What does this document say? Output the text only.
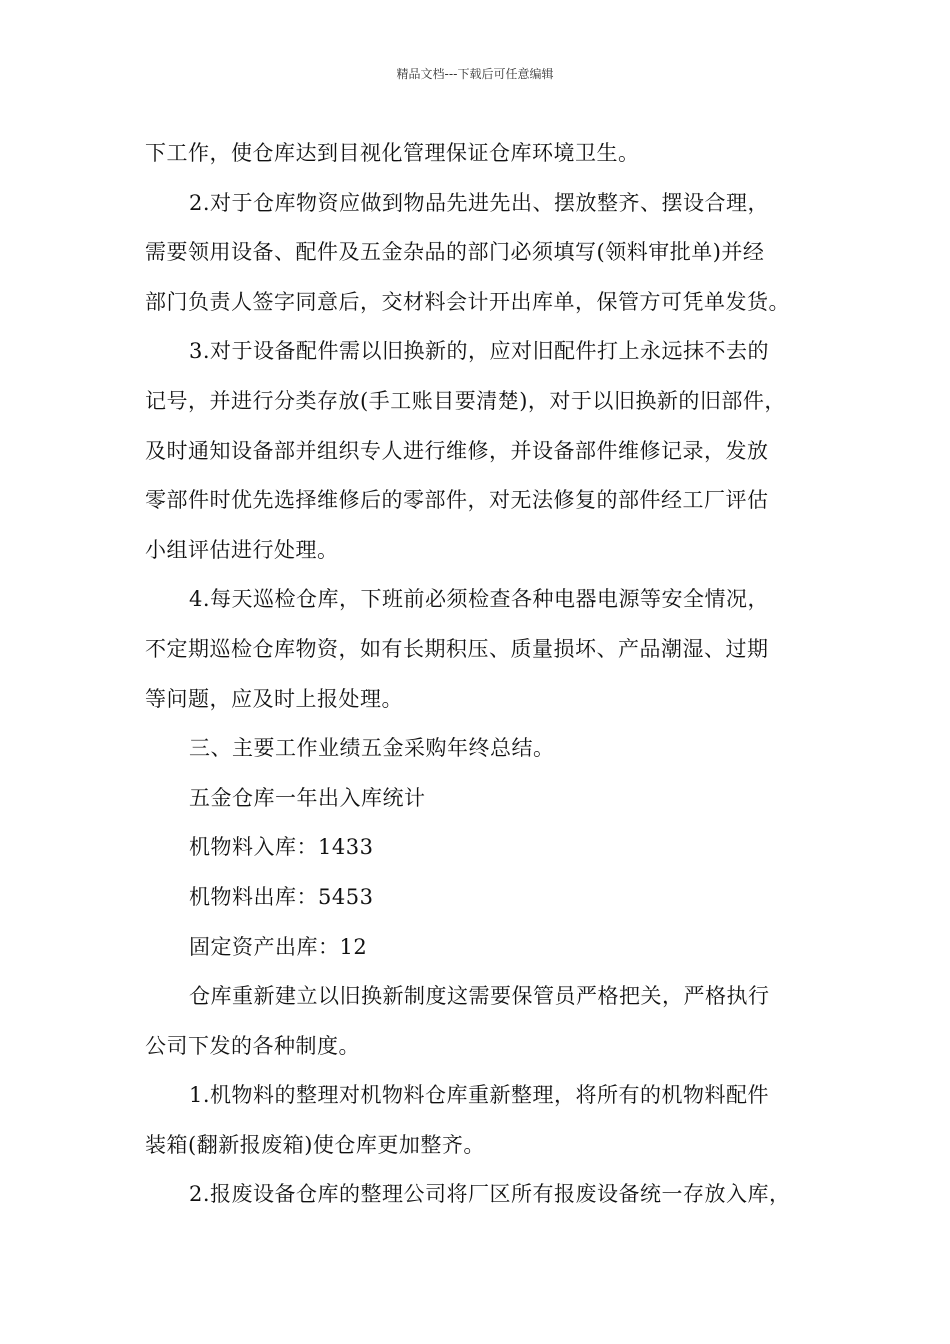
精品文档---下载后可任意编辑
下工作，使仓库达到目视化管理保证仓库环境卫生。
2.对于仓库物资应做到物品先进先出、摆放整齐、摆设合理，
需要领用设备、配件及五金杂品的部门必须填写(领料审批单)并经
部门负责人签字同意后，交材料会计开出库单，保管方可凭单发货。
3.对于设备配件需以旧换新的，应对旧配件打上永远抹不去的
记号，并进行分类存放(手工账目要清楚)，对于以旧换新的旧部件，
及时通知设备部并组织专人进行维修，并设备部件维修记录，发放
零部件时优先选择维修后的零部件，对无法修复的部件经工厂评估
小组评估进行处理。
4.每天巡检仓库，下班前必须检查各种电器电源等安全情况，
不定期巡检仓库物资，如有长期积压、质量损坏、产品潮湿、过期
等问题，应及时上报处理。
三、主要工作业绩五金采购年终总结。
五金仓库一年出入库统计
机物料入库：1433
机物料出库：5453
固定资产出库：12
仓库重新建立以旧换新制度这需要保管员严格把关，严格执行
公司下发的各种制度。
1.机物料的整理对机物料仓库重新整理，将所有的机物料配件
装箱(翻新报废箱)使仓库更加整齐。
2.报废设备仓库的整理公司将厂区所有报废设备统一存放入库，
